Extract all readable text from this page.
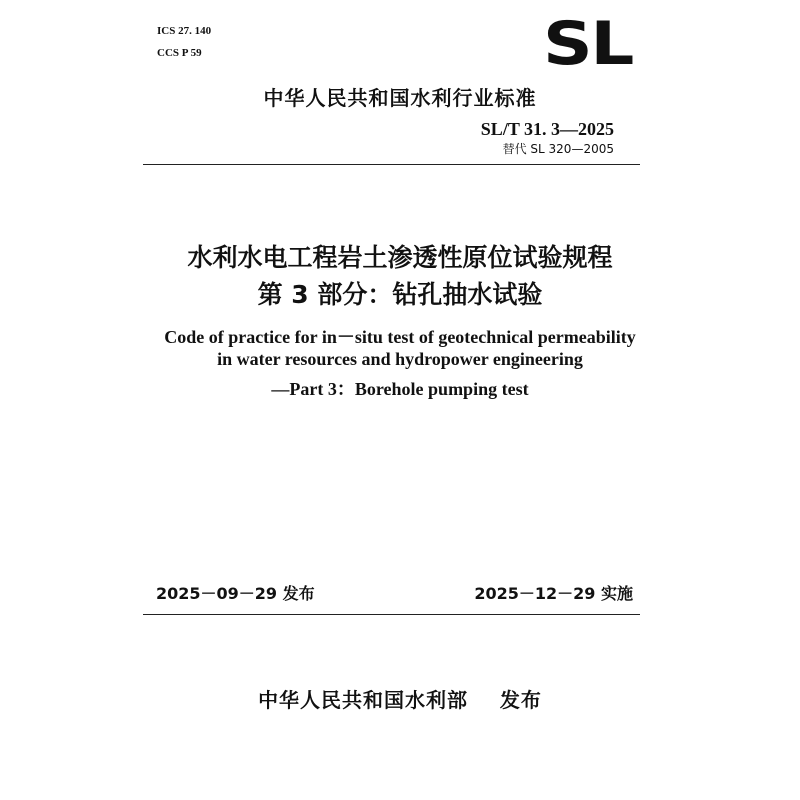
ICS 27. 140
CCS P 59	SL
中华人民共和国水利行业标准
SL/T 31. 3—2025
替代 SL 320—2005
水利水电工程岩土渗透性原位试验规程
第 3 部分：钻孔抽水试验
Code of practice for in－situ test of geotechnical permeability
in water resources and hydropower engineering
—Part 3：Borehole pumping test
2025－09－29 发布	2025－12－29 实施
中华人民共和国水利部    发布
